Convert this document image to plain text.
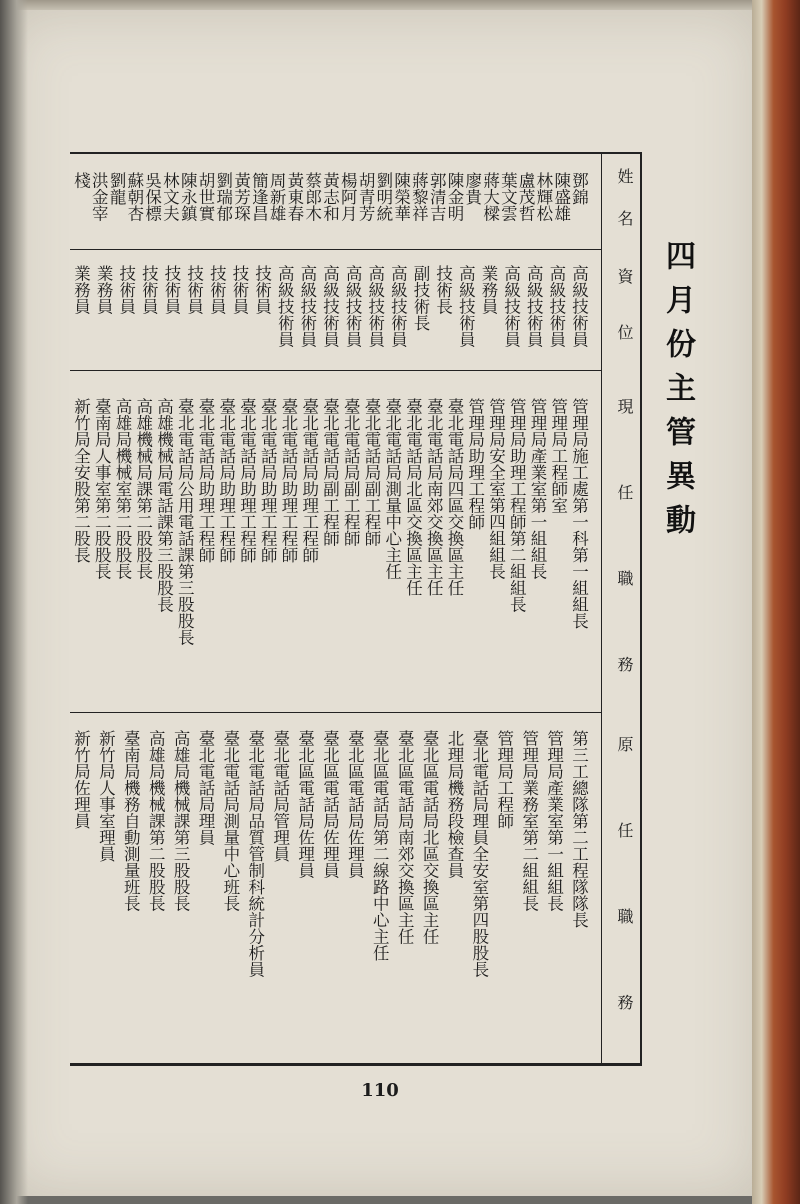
姓名
資位
現任職務
原任職務
四月份主管異動
鄧錦
陳盛雄
林輝松
盧茂哲
葉文雲
蔣大樑
廖貴
陳金明
郭清吉
蔣黎祥
陳榮華
劉明統
胡青芳
楊阿月
黃志和
蔡郎木
黃東春
周新雄
簡逢昌
黃芳琛
劉瑞郁
胡世實
陳永鎮
林文夫
吳保標
蘇朝杏
劉龍
洪金宰
棧
高級技術員
高級技術員
高級技術員
高級技術員
業務員
高級技術員
技術長
副技術長
高級技術員
高級技術員
高級技術員
高級技術員
高級技術員
高級技術員
技術員
技術員
技術員
技術員
技術員
技術員
技術員
業務員
業務員
管理局施工處第一科第一組組長
管理局工程師室
管理局產業室第一組組長
管理局助理工程師第二組組長
管理局安全室第四組組長
管理局助理工程師
臺北電話局四區交換區主任
臺北電話局南郊交換區主任
臺北電話局北區交換區主任
臺北電話局測量中心主任
臺北電話局副工程師
臺北電話局副工程師
臺北電話局副工程師
臺北電話局助理工程師
臺北電話局助理工程師
臺北電話局助理工程師
臺北電話局助理工程師
臺北電話局助理工程師
臺北電話局助理工程師
臺北電話局公用電話課第三股股長
高雄機械局電話課第三股股長
高雄機械局課第二股股長
高雄局機械室第二股股長
臺南局人事室第二股股長
新竹局全安股第二股長
第三工總隊第二工程隊隊長
管理局產業室第一組組長
管理局業務室第二組組長
管理局工程師
臺北電話局理員全安室第四股股長
北理局機務段檢查員
臺北區電話局北區交換區主任
臺北區電話局南郊交換區主任
臺北區電話局第二線路中心主任
臺北區電話局佐理員
臺北區電話局佐理員
臺北區電話局佐理員
臺北電話局管理員
臺北電話局品質管制科統計分析員
臺北電話局測量中心班長
臺北電話局理員
高雄局機械課第三股股長
高雄局機械課第二股股長
臺南局機務自動測量班長
新竹局人事室理員
新竹局佐理員
110
